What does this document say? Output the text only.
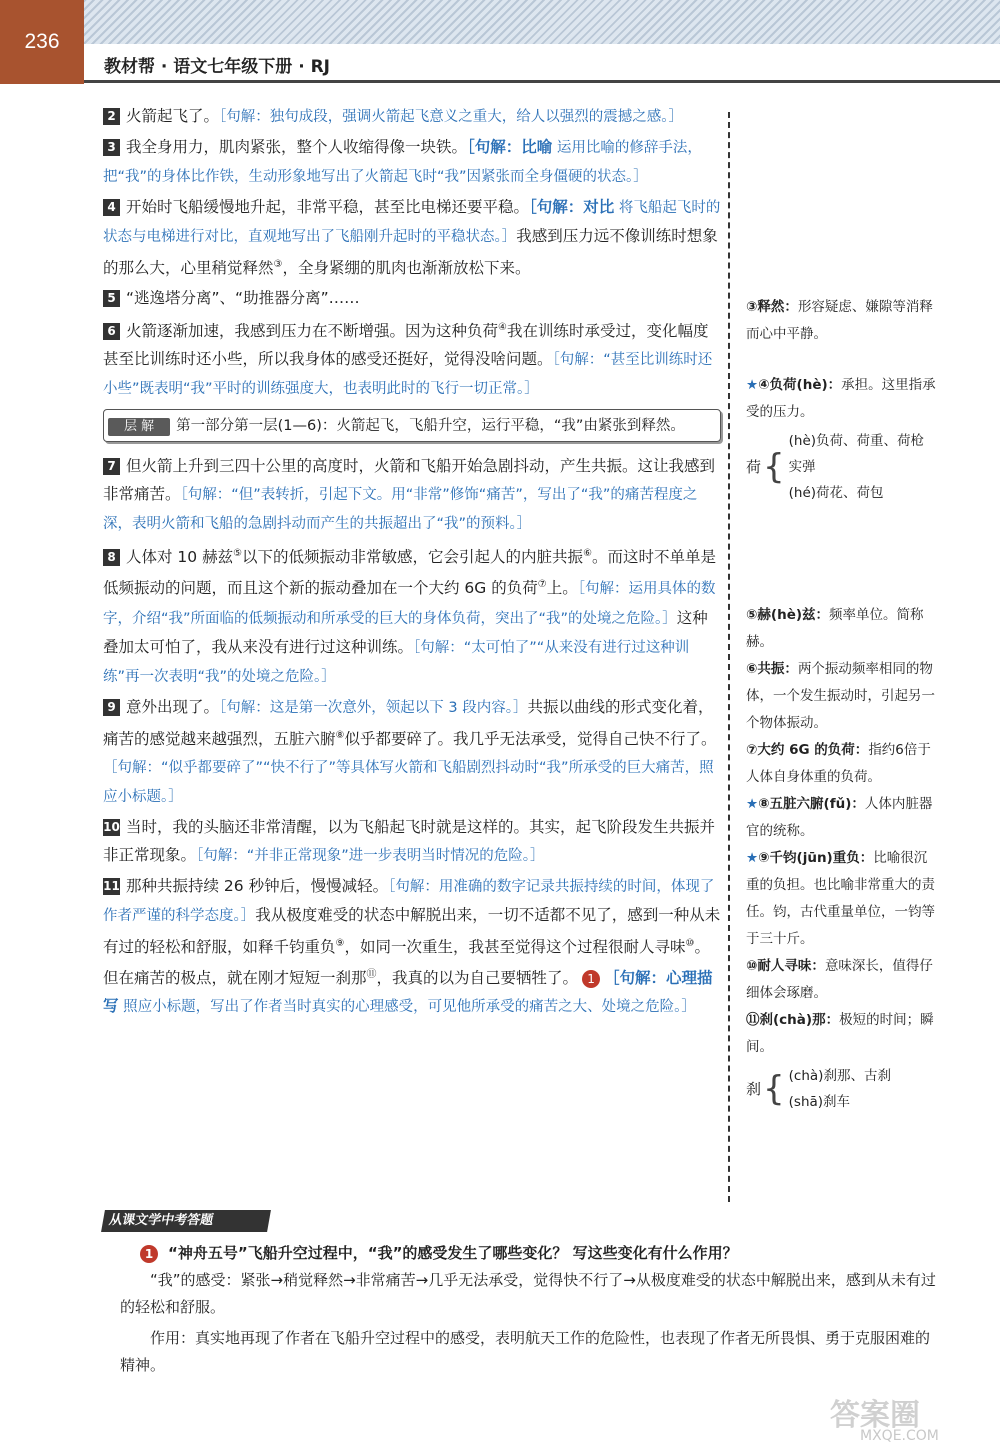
236
教材帮 · 语文七年级下册 · RJ

2 火箭起飞了。［句解：独句成段，强调火箭起飞意义之重大，给人以强烈的震撼之感。］

3 我全身用力，肌肉紧张，整个人收缩得像一块铁。［句解：比喻 运用比喻的修辞手法，把“我”的身体比作铁，生动形象地写出了火箭起飞时“我”因紧张而全身僵硬的状态。］

4 开始时飞船缓慢地升起，非常平稳，甚至比电梯还要平稳。［句解：对比 将飞船起飞时的状态与电梯进行对比，直观地写出了飞船刚升起时的平稳状态。］我感到压力远不像训练时想象的那么大，心里稍觉释然③，全身紧绷的肌肉也渐渐放松下来。

5 “逃逸塔分离”、“助推器分离”……

6 火箭逐渐加速，我感到压力在不断增强。因为这种负荷④我在训练时承受过，变化幅度甚至比训练时还小些，所以我身体的感受还挺好，觉得没啥问题。［句解：“甚至比训练时还小些”既表明“我”平时的训练强度大，也表明此时的飞行一切正常。］

层 解 第一部分第一层(1—6)：火箭起飞，飞船升空，运行平稳，“我”由紧张到释然。

7 但火箭上升到三四十公里的高度时，火箭和飞船开始急剧抖动，产生共振。这让我感到非常痛苦。［句解：“但”表转折，引起下文。用“非常”修饰“痛苦”，写出了“我”的痛苦程度之深，表明火箭和飞船的急剧抖动而产生的共振超出了“我”的预料。］

8 人体对 10 赫兹⑤以下的低频振动非常敏感，它会引起人的内脏共振⑥。而这时不单单是低频振动的问题，而且这个新的振动叠加在一个大约 6G 的负荷⑦上。［句解：运用具体的数字，介绍“我”所面临的低频振动和所承受的巨大的身体负荷，突出了“我”的处境之危险。］这种叠加太可怕了，我从来没有进行过这种训练。［句解：“太可怕了”“从来没有进行过这种训练”再一次表明“我”的处境之危险。］

9 意外出现了。［句解：这是第一次意外，领起以下 3 段内容。］共振以曲线的形式变化着，痛苦的感觉越来越强烈，五脏六腑⑧似乎都要碎了。我几乎无法承受，觉得自己快不行了。［句解：“似乎都要碎了”“快不行了”等具体写火箭和飞船剧烈抖动时“我”所承受的巨大痛苦，照应小标题。］

10 当时，我的头脑还非常清醒，以为飞船起飞时就是这样的。其实，起飞阶段发生共振并非正常现象。［句解：“并非正常现象”进一步表明当时情况的危险。］

11 那种共振持续 26 秒钟后，慢慢减轻。［句解：用准确的数字记录共振持续的时间，体现了作者严谨的科学态度。］我从极度难受的状态中解脱出来，一切不适都不见了，感到一种从未有过的轻松和舒服，如释千钧重负⑨，如同一次重生，我甚至觉得这个过程很耐人寻味⑩。但在痛苦的极点，就在刚才短短一刹那⑪，我真的以为自己要牺牲了。 1 ［句解：心理描写 照应小标题，写出了作者当时真实的心理感受，可见他所承受的痛苦之大、处境之危险。］

③释然：形容疑虑、嫌隙等消释而心中平静。
★④负荷(hè)：承担。这里指承受的压力。
荷 {
(hè)负荷、荷重、荷枪实弹
(hé)荷花、荷包
⑤赫(hè)兹：频率单位。简称赫。
⑥共振：两个振动频率相同的物体，一个发生振动时，引起另一个物体振动。
⑦大约 6G 的负荷：指约6倍于人体自身体重的负荷。
★⑧五脏六腑(fǔ)：人体内脏器官的统称。
★⑨千钧(jūn)重负：比喻很沉重的负担。也比喻非常重大的责任。钧，古代重量单位，一钧等于三十斤。
⑩耐人寻味：意味深长，值得仔细体会琢磨。
⑪刹(chà)那：极短的时间；瞬间。
刹 { (chà)刹那、古刹
(shā)刹车
从课文学中考答题
1 “神舟五号”飞船升空过程中，“我”的感受发生了哪些变化？ 写这些变化有什么作用？
“我”的感受：紧张→稍觉释然→非常痛苦→几乎无法承受，觉得快不行了→从极度难受的状态中解脱出来，感到从未有过的轻松和舒服。
作用：真实地再现了作者在飞船升空过程中的感受，表明航天工作的危险性，也表现了作者无所畏惧、勇于克服困难的精神。
答案圈
MXQE.COM
